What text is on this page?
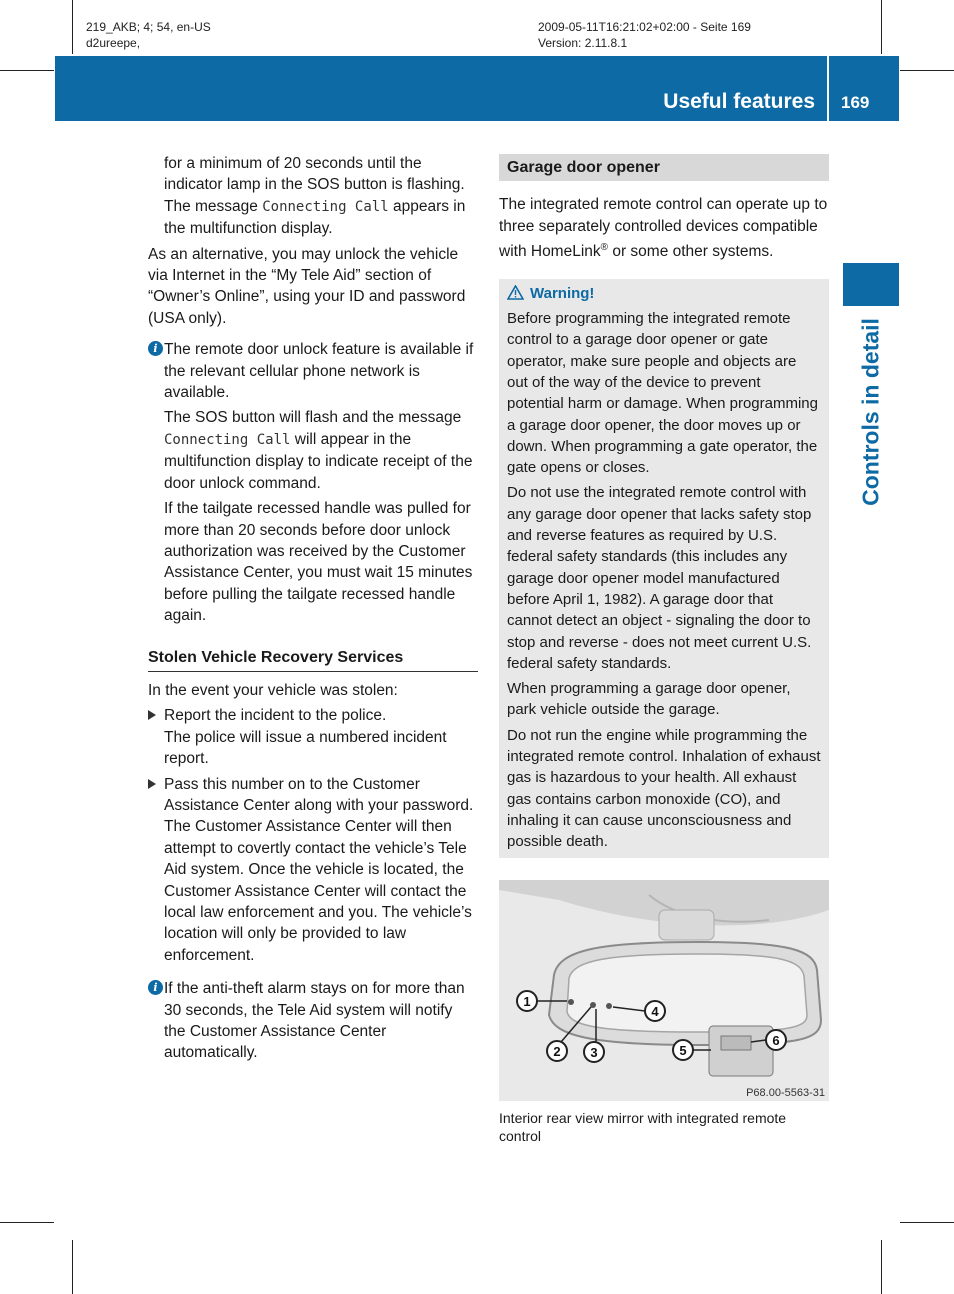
219_AKB; 4; 54, en-US
d2ureepe,
2009-05-11T16:21:02+02:00 - Seite 169
Version: 2.11.8.1
Useful features 169
Controls in detail

for a minimum of 20 seconds until the indicator lamp in the SOS button is flashing. The message Connecting Call appears in the multifunction display.

As an alternative, you may unlock the vehicle via Internet in the “My Tele Aid” section of “Owner’s Online”, using your ID and password (USA only).

i The remote door unlock feature is available if the relevant cellular phone network is available.

The SOS button will flash and the message Connecting Call will appear in the multifunction display to indicate receipt of the door unlock command.

If the tailgate recessed handle was pulled for more than 20 seconds before door unlock authorization was received by the Customer Assistance Center, you must wait 15 minutes before pulling the tailgate recessed handle again.

Stolen Vehicle Recovery Services

In the event your vehicle was stolen:

Report the incident to the police.
The police will issue a numbered incident report.
Pass this number on to the Customer Assistance Center along with your password.
The Customer Assistance Center will then attempt to covertly contact the vehicle’s Tele Aid system. Once the vehicle is located, the Customer Assistance Center will contact the local law enforcement and you. The vehicle’s location will only be provided to law enforcement.
i If the anti-theft alarm stays on for more than 30 seconds, the Tele Aid system will notify the Customer Assistance Center automatically.

Garage door opener

The integrated remote control can operate up to three separately controlled devices compatible with HomeLink® or some other systems.

Warning!

Before programming the integrated remote control to a garage door opener or gate operator, make sure people and objects are out of the way of the device to prevent potential harm or damage. When programming a garage door opener, the door moves up or down. When programming a gate operator, the gate opens or closes.

Do not use the integrated remote control with any garage door opener that lacks safety stop and reverse features as required by U.S. federal safety standards (this includes any garage door opener model manufactured before April 1, 1982). A garage door that cannot detect an object - signaling the door to stop and reverse - does not meet current U.S. federal safety standards.

When programming a garage door opener, park vehicle outside the garage.

Do not run the engine while programming the integrated remote control. Inhalation of exhaust gas is hazardous to your health. All exhaust gas contains carbon monoxide (CO), and inhaling it can cause unconsciousness and possible death.

1
2 3
4
5
6
P68.00-5563-31
Interior rear view mirror with integrated remote control
